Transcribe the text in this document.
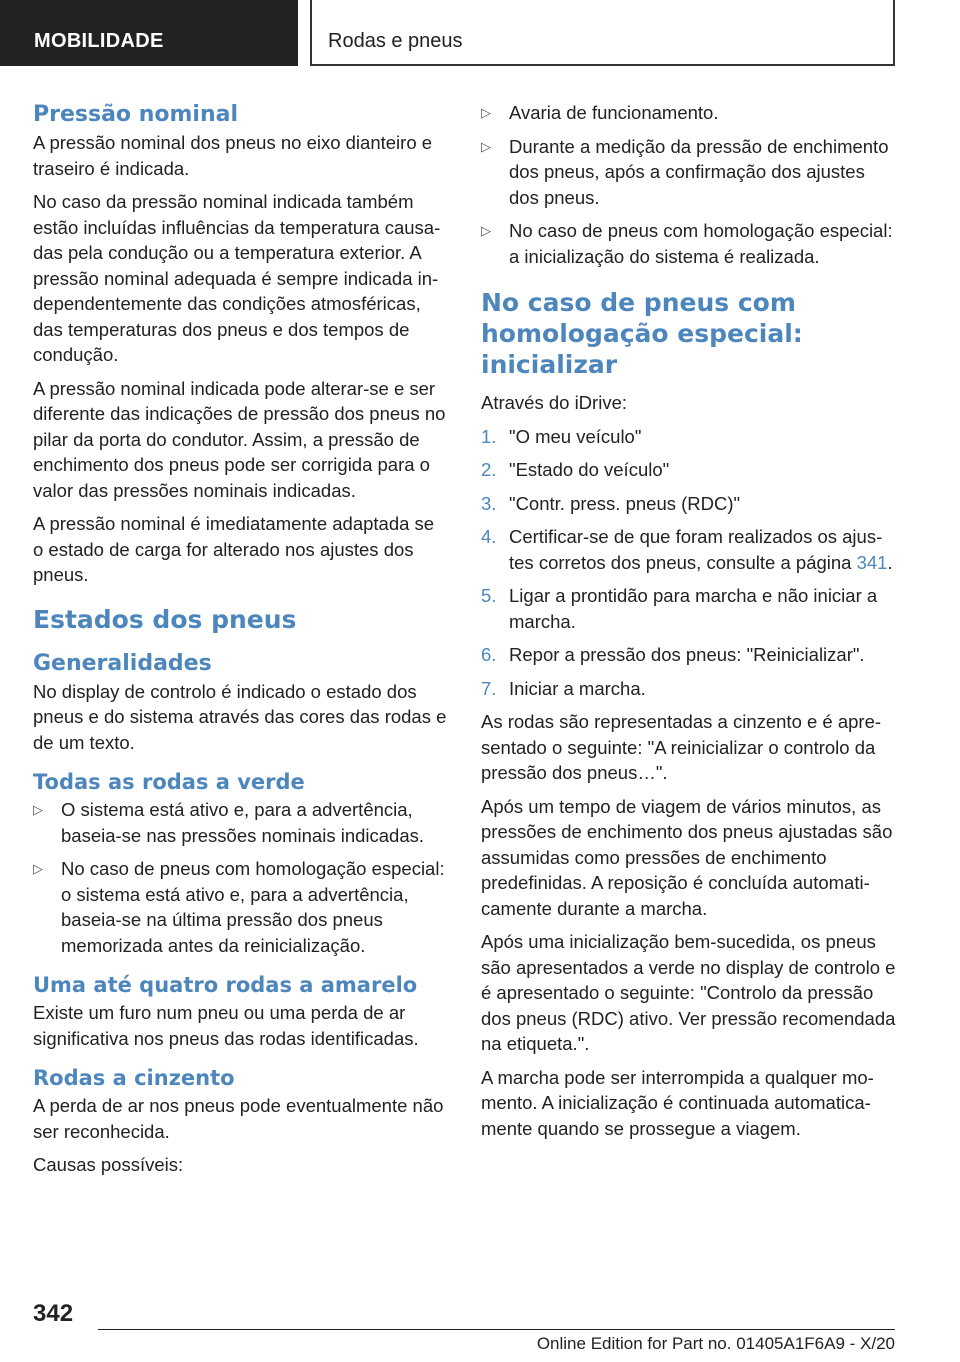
MOBILIDADE	Rodas e pneus
Pressão nominal

A pressão nominal dos pneus no eixo dianteiro e traseiro é indicada.

No caso da pressão nominal indicada também estão incluídas influências da temperatura causadas pela condução ou a temperatura exterior. A pressão nominal adequada é sempre indicada independentemente das condições atmosféricas, das temperaturas dos pneus e dos tempos de condução.

A pressão nominal indicada pode alterar-se e ser diferente das indicações de pressão dos pneus no pilar da porta do condutor. Assim, a pressão de enchimento dos pneus pode ser corrigida para o valor das pressões nominais indicadas.

A pressão nominal é imediatamente adaptada se o estado de carga for alterado nos ajustes dos pneus.

Estados dos pneus
Generalidades

No display de controlo é indicado o estado dos pneus e do sistema através das cores das rodas e de um texto.

Todas as rodas a verde
▷ O sistema está ativo e, para a advertência, baseia-se nas pressões nominais indicadas.
▷ No caso de pneus com homologação especial: o sistema está ativo e, para a advertência, baseia-se na última pressão dos pneus memorizada antes da reinicialização.
Uma até quatro rodas a amarelo

Existe um furo num pneu ou uma perda de ar significativa nos pneus das rodas identificadas.

Rodas a cinzento

A perda de ar nos pneus pode eventualmente não ser reconhecida.

Causas possíveis:

▷ Avaria de funcionamento.
▷ Durante a medição da pressão de enchimento dos pneus, após a confirmação dos ajustes dos pneus.
▷ No caso de pneus com homologação especial: a inicialização do sistema é realizada.
No caso de pneus com homologação especial: inicializar

Através do iDrive:

1. "O meu veículo"
2. "Estado do veículo"
3. "Contr. press. pneus (RDC)"
4. Certificar-se de que foram realizados os ajustes corretos dos pneus, consulte a página 341.
5. Ligar a prontidão para marcha e não iniciar a marcha.
6. Repor a pressão dos pneus: "Reinicializar".
7. Iniciar a marcha.

As rodas são representadas a cinzento e é apresentado o seguinte: "A reinicializar o controlo da pressão dos pneus…".

Após um tempo de viagem de vários minutos, as pressões de enchimento dos pneus ajustadas são assumidas como pressões de enchimento predefinidas. A reposição é concluída automaticamente durante a marcha.

Após uma inicialização bem-sucedida, os pneus são apresentados a verde no display de controlo e é apresentado o seguinte: "Controlo da pressão dos pneus (RDC) ativo. Ver pressão recomendada na etiqueta.".

A marcha pode ser interrompida a qualquer momento. A inicialização é continuada automaticamente quando se prossegue a viagem.

342
Online Edition for Part no. 01405A1F6A9 - X/20
